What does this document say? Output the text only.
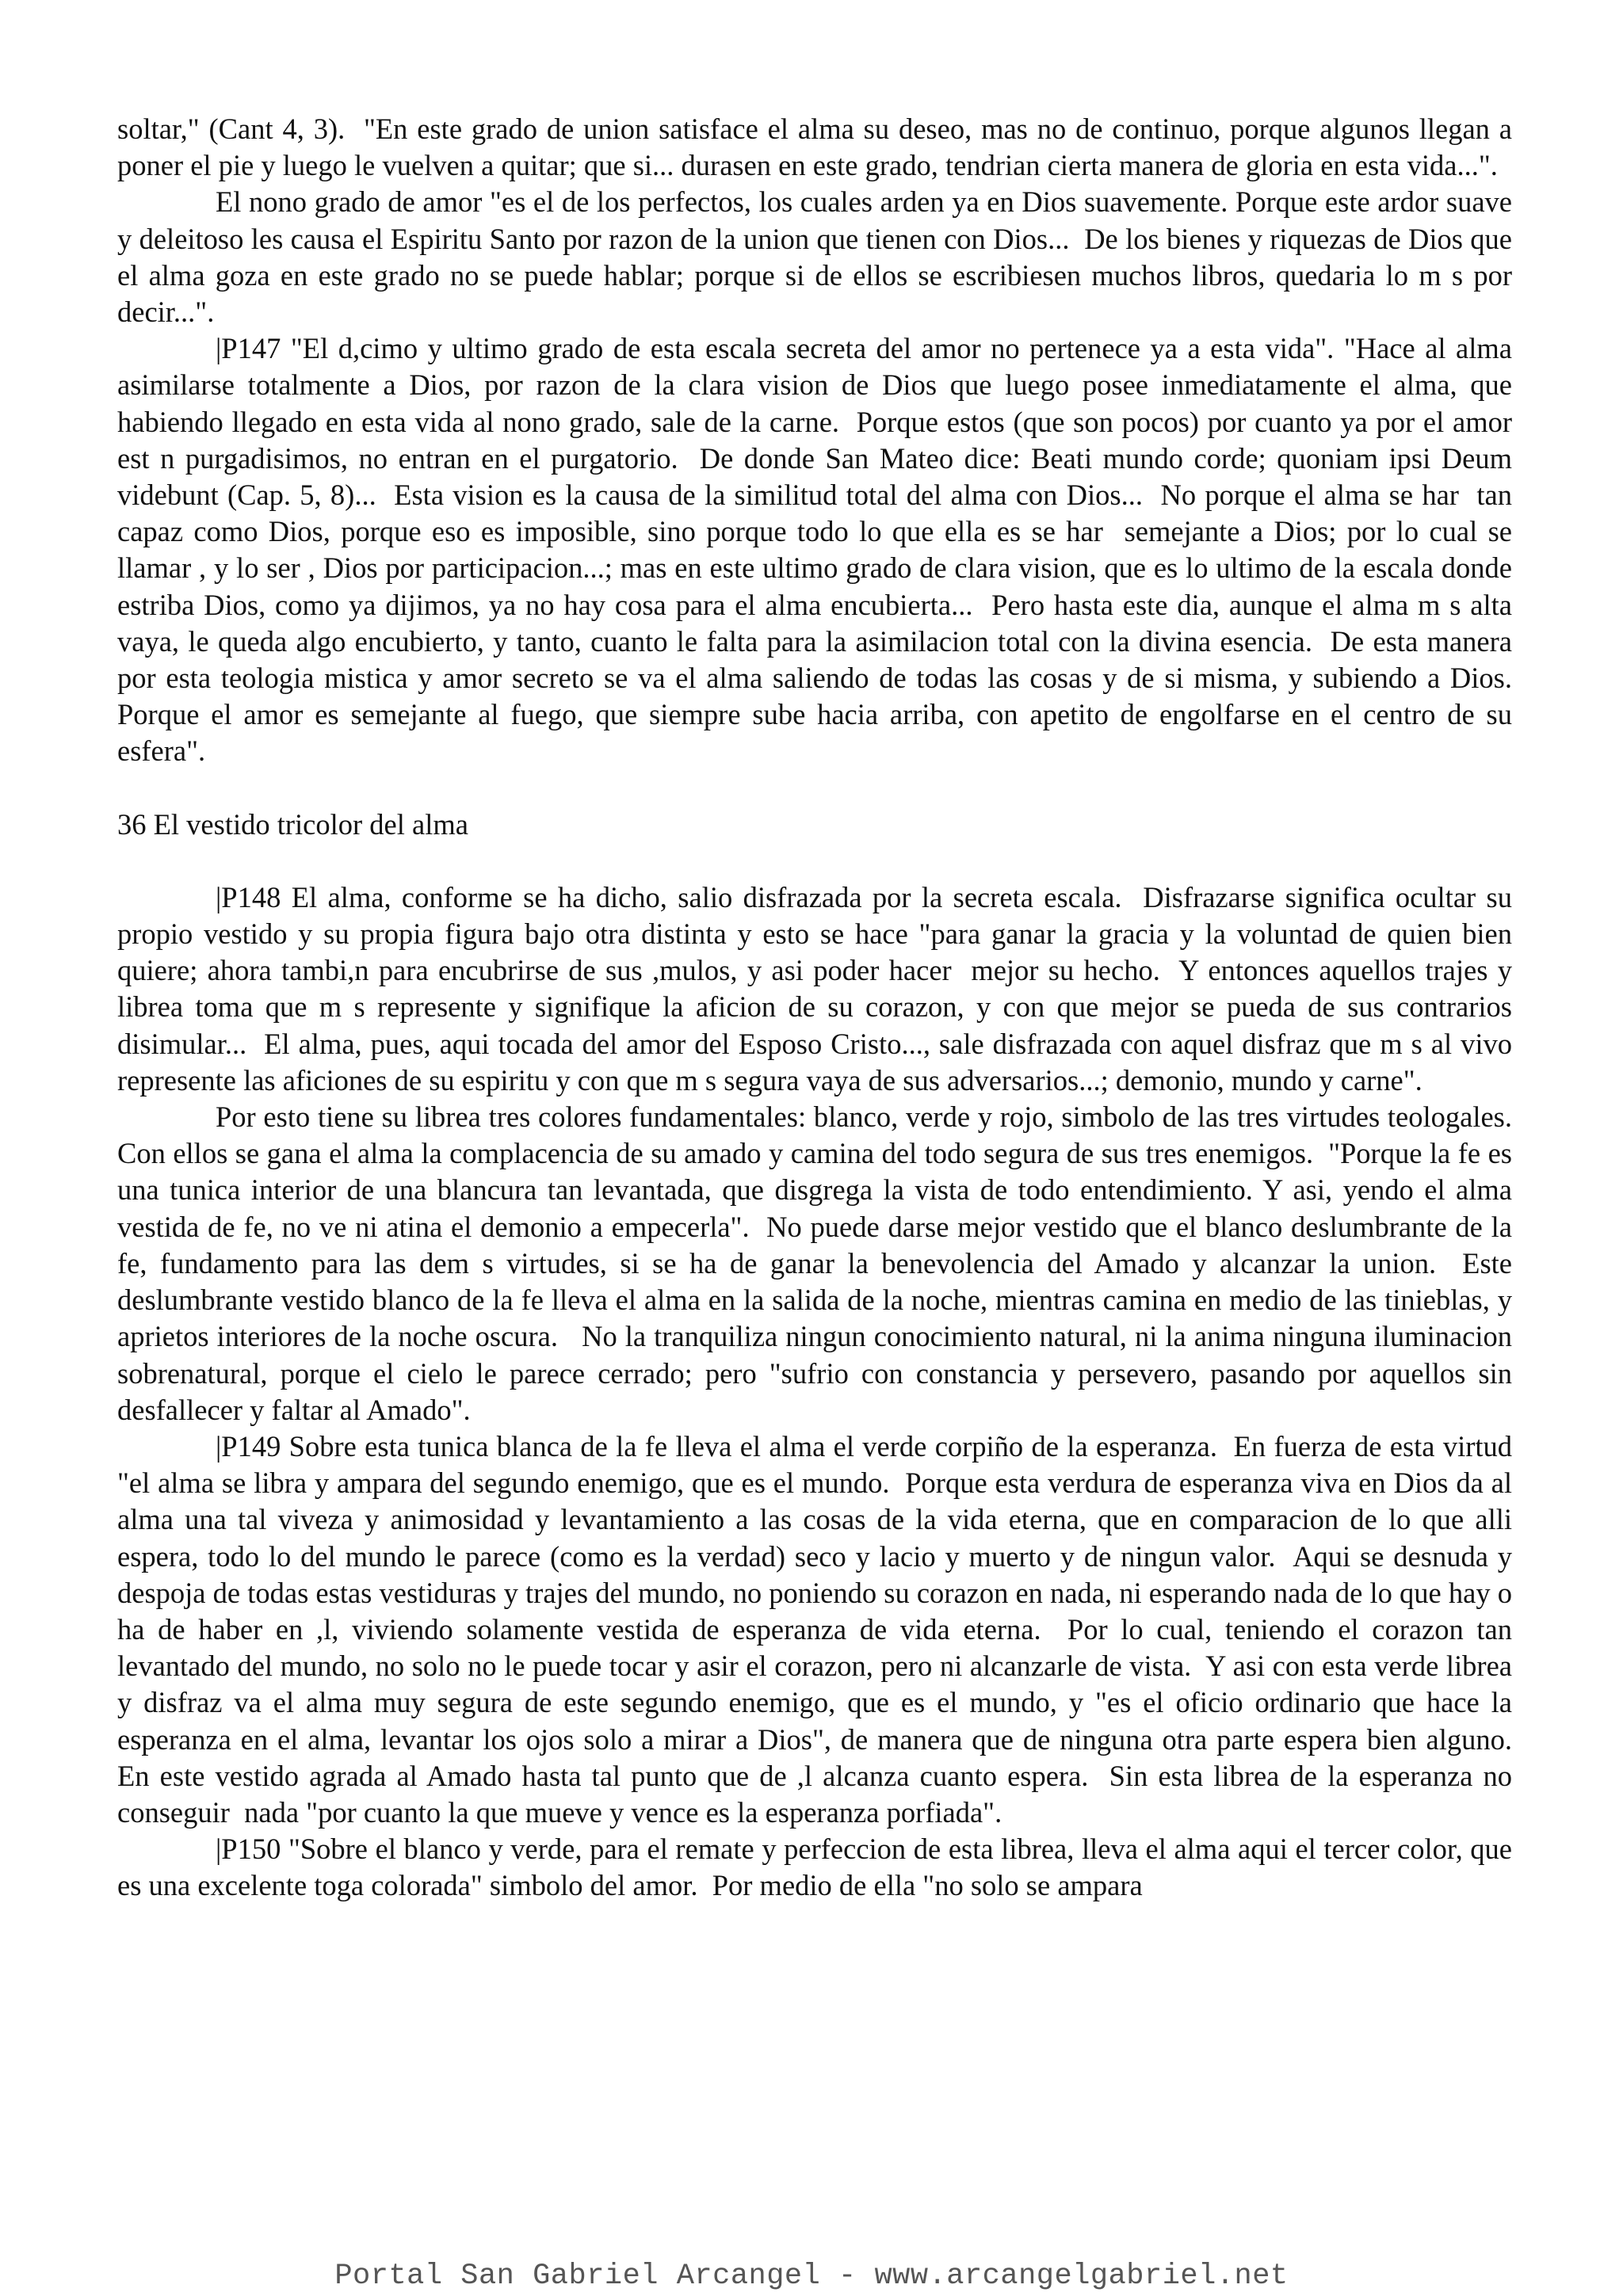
soltar," (Cant 4, 3).  "En este grado de union satisface el alma su deseo, mas no de continuo, porque algunos llegan a poner el pie y luego le vuelven a quitar; que si... durasen en este grado, tendrian cierta manera de gloria en esta vida...".

El nono grado de amor "es el de los perfectos, los cuales arden ya en Dios suavemente. Porque este ardor suave y deleitoso les causa el Espiritu Santo por razon de la union que tienen con Dios...  De los bienes y riquezas de Dios que el alma goza en este grado no se puede hablar; porque si de ellos se escribiesen muchos libros, quedaria lo m s por decir...".

|P147 "El d,cimo y ultimo grado de esta escala secreta del amor no pertenece ya a esta vida". "Hace al alma asimilarse totalmente a Dios, por razon de la clara vision de Dios que luego posee inmediatamente el alma, que habiendo llegado en esta vida al nono grado, sale de la carne.  Porque estos (que son pocos) por cuanto ya por el amor est n purgadisimos, no entran en el purgatorio.  De donde San Mateo dice: Beati mundo corde; quoniam ipsi Deum videbunt (Cap. 5, 8)...  Esta vision es la causa de la similitud total del alma con Dios...  No porque el alma se har  tan capaz como Dios, porque eso es imposible, sino porque todo lo que ella es se har  semejante a Dios; por lo cual se llamar , y lo ser , Dios por participacion...; mas en este ultimo grado de clara vision, que es lo ultimo de la escala donde estriba Dios, como ya dijimos, ya no hay cosa para el alma encubierta...  Pero hasta este dia, aunque el alma m s alta vaya, le queda algo encubierto, y tanto, cuanto le falta para la asimilacion total con la divina esencia.  De esta manera por esta teologia mistica y amor secreto se va el alma saliendo de todas las cosas y de si misma, y subiendo a Dios.  Porque el amor es semejante al fuego, que siempre sube hacia arriba, con apetito de engolfarse en el centro de su esfera".

36 El vestido tricolor del alma

|P148 El alma, conforme se ha dicho, salio disfrazada por la secreta escala.  Disfrazarse significa ocultar su propio vestido y su propia figura bajo otra distinta y esto se hace "para ganar la gracia y la voluntad de quien bien quiere; ahora tambi,n para encubrirse de sus ,mulos, y asi poder hacer  mejor su hecho.  Y entonces aquellos trajes y librea toma que m s represente y signifique la aficion de su corazon, y con que mejor se pueda de sus contrarios disimular...  El alma, pues, aqui tocada del amor del Esposo Cristo..., sale disfrazada con aquel disfraz que m s al vivo represente las aficiones de su espiritu y con que m s segura vaya de sus adversarios...; demonio, mundo y carne".

Por esto tiene su librea tres colores fundamentales: blanco, verde y rojo, simbolo de las tres virtudes teologales.  Con ellos se gana el alma la complacencia de su amado y camina del todo segura de sus tres enemigos.  "Porque la fe es una tunica interior de una blancura tan levantada, que disgrega la vista de todo entendimiento. Y asi, yendo el alma vestida de fe, no ve ni atina el demonio a empecerla".  No puede darse mejor vestido que el blanco deslumbrante de la fe, fundamento para las dem s virtudes, si se ha de ganar la benevolencia del Amado y alcanzar la union.  Este deslumbrante vestido blanco de la fe lleva el alma en la salida de la noche, mientras camina en medio de las tinieblas, y aprietos interiores de la noche oscura.   No la tranquiliza ningun conocimiento natural, ni la anima ninguna iluminacion sobrenatural, porque el cielo le parece cerrado; pero "sufrio con constancia y persevero, pasando por aquellos sin desfallecer y faltar al Amado".

|P149 Sobre esta tunica blanca de la fe lleva el alma el verde corpiño de la esperanza.  En fuerza de esta virtud "el alma se libra y ampara del segundo enemigo, que es el mundo.  Porque esta verdura de esperanza viva en Dios da al alma una tal viveza y animosidad y levantamiento a las cosas de la vida eterna, que en comparacion de lo que alli espera, todo lo del mundo le parece (como es la verdad) seco y lacio y muerto y de ningun valor.  Aqui se desnuda y despoja de todas estas vestiduras y trajes del mundo, no poniendo su corazon en nada, ni esperando nada de lo que hay o ha de haber en ,l, viviendo solamente vestida de esperanza de vida eterna.  Por lo cual, teniendo el corazon tan levantado del mundo, no solo no le puede tocar y asir el corazon, pero ni alcanzarle de vista.  Y asi con esta verde librea y disfraz va el alma muy segura de este segundo enemigo, que es el mundo, y "es el oficio ordinario que hace la esperanza en el alma, levantar los ojos solo a mirar a Dios", de manera que de ninguna otra parte espera bien alguno.  En este vestido agrada al Amado hasta tal punto que de ,l alcanza cuanto espera.  Sin esta librea de la esperanza no conseguir  nada "por cuanto la que mueve y vence es la esperanza porfiada".

|P150 "Sobre el blanco y verde, para el remate y perfeccion de esta librea, lleva el alma aqui el tercer color, que es una excelente toga colorada" simbolo del amor.  Por medio de ella "no solo se ampara

Portal San Gabriel Arcangel - www.arcangelgabriel.net
